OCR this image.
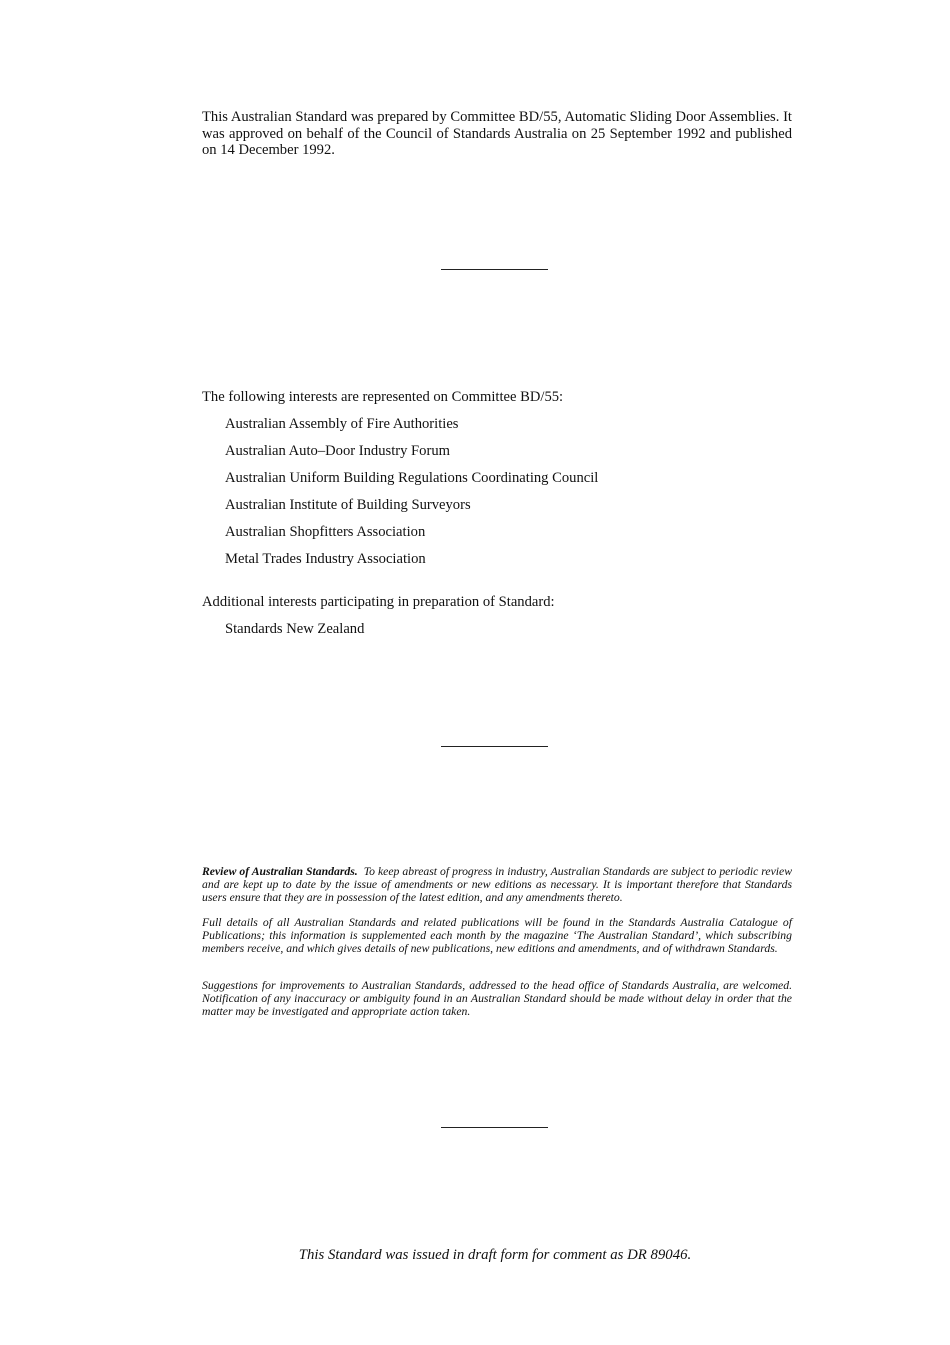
This Australian Standard was prepared by Committee BD/55, Automatic Sliding Door Assemblies. It was approved on behalf of the Council of Standards Australia on 25 September 1992 and published on 14 December 1992.

The following interests are represented on Committee BD/55:
Australian Assembly of Fire Authorities
Australian Auto–Door Industry Forum
Australian Uniform Building Regulations Coordinating Council
Australian Institute of Building Surveyors
Australian Shopfitters Association
Metal Trades Industry Association
Additional interests participating in preparation of Standard:
Standards New Zealand

Review of Australian Standards. To keep abreast of progress in industry, Australian Standards are subject to periodic review and are kept up to date by the issue of amendments or new editions as necessary. It is important therefore that Standards users ensure that they are in possession of the latest edition, and any amendments thereto.

Full details of all Australian Standards and related publications will be found in the Standards Australia Catalogue of Publications; this information is supplemented each month by the magazine ‘The Australian Standard’, which subscribing members receive, and which gives details of new publications, new editions and amendments, and of withdrawn Standards.

Suggestions for improvements to Australian Standards, addressed to the head office of Standards Australia, are welcomed. Notification of any inaccuracy or ambiguity found in an Australian Standard should be made without delay in order that the matter may be investigated and appropriate action taken.

This Standard was issued in draft form for comment as DR 89046.
